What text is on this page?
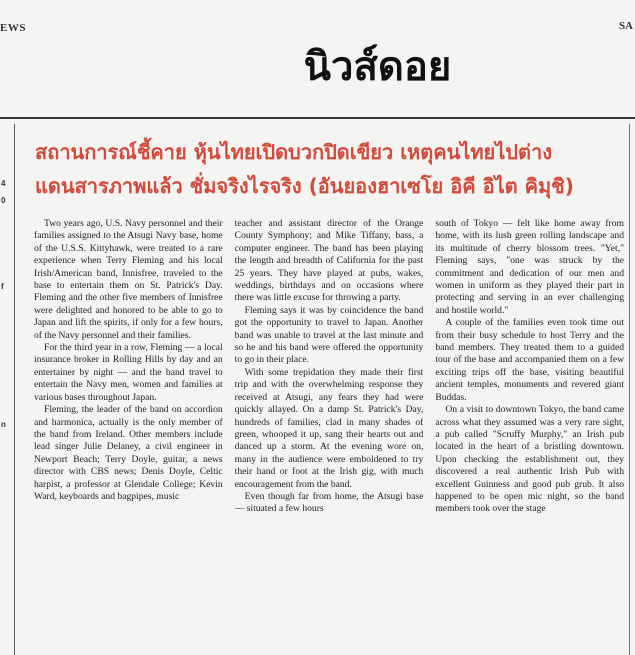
EWS	SA
นิวส์ดอย
4
0
f
n
สถานการณ์ชี้คาย หุ้นไทยเปิดบวกปิดเขียว เหตุคนไทยไปต่าง
แดนสารภาพแล้ว ชั่มจริงไรจริง (อันยองฮาเซโย อิคี อิไต คิมุชิ)

Two years ago, U.S. Navy personnel and their families assigned to the Atsugi Navy base, home of the U.S.S. Kittyhawk, were treated to a rare experience when Terry Fleming and his local Irish/American band, Innisfree, traveled to the base to entertain them on St. Patrick's Day. Fleming and the other five members of Innisfree were delighted and honored to be able to go to Japan and lift the spirits, if only for a few hours, of the Navy personnel and their families.

For the third year in a row, Fleming — a local insurance broker in Rolling Hills by day and an entertainer by night — and the band travel to entertain the Navy men, women and families at various bases throughout Japan.

Fleming, the leader of the band on accordion and harmonica, actually is the only member of the band from Ireland. Other members include lead singer Julie Delaney, a civil engineer in Newport Beach; Terry Doyle, guitar, a news director with CBS news; Denis Doyle, Celtic harpist, a professor at Glendale College; Kevin Ward, keyboards and bagpipes, music

teacher and assistant director of the Orange County Symphony; and Mike Tiffany, bass, a computer engineer. The band has been playing the length and breadth of California for the past 25 years. They have played at pubs, wakes, weddings, birthdays and on occasions where there was little excuse for throwing a party.

Fleming says it was by coincidence the band got the opportunity to travel to Japan. Another band was unable to travel at the last minute and so he and his band were offered the opportunity to go in their place.

With some trepidation they made their first trip and with the overwhelming response they received at Atsugi, any fears they had were quickly allayed. On a damp St. Patrick's Day, hundreds of families, clad in many shades of green, whooped it up, sang their hearts out and danced up a storm. At the evening wore on, many in the audience were emboldened to try their hand or foot at the Irish gig, with much encouragement from the band.

Even though far from home, the Atsugi base — situated a few hours

south of Tokyo — felt like home away from home, with its lush green rolling landscape and its multitude of cherry blossom trees. "Yet," Fleming says, "one was struck by the commitment and dedication of our men and women in uniform as they played their part in protecting and serving in an ever challenging and hostile world."

A couple of the families even took time out from their busy schedule to host Terry and the band members. They treated them to a guided tour of the base and accompanied them on a few exciting trips off the base, visiting beautiful ancient temples, monuments and revered giant Buddas.

On a visit to downtown Tokyo, the band came across what they assumed was a very rare sight, a pub called "Scruffy Murphy," an Irish pub located in the heart of a bristling downtown. Upon checking the establishment out, they discovered a real authentic Irish Pub with excellent Guinness and good pub grub. It also happened to be open mic night, so the band members took over the stage
